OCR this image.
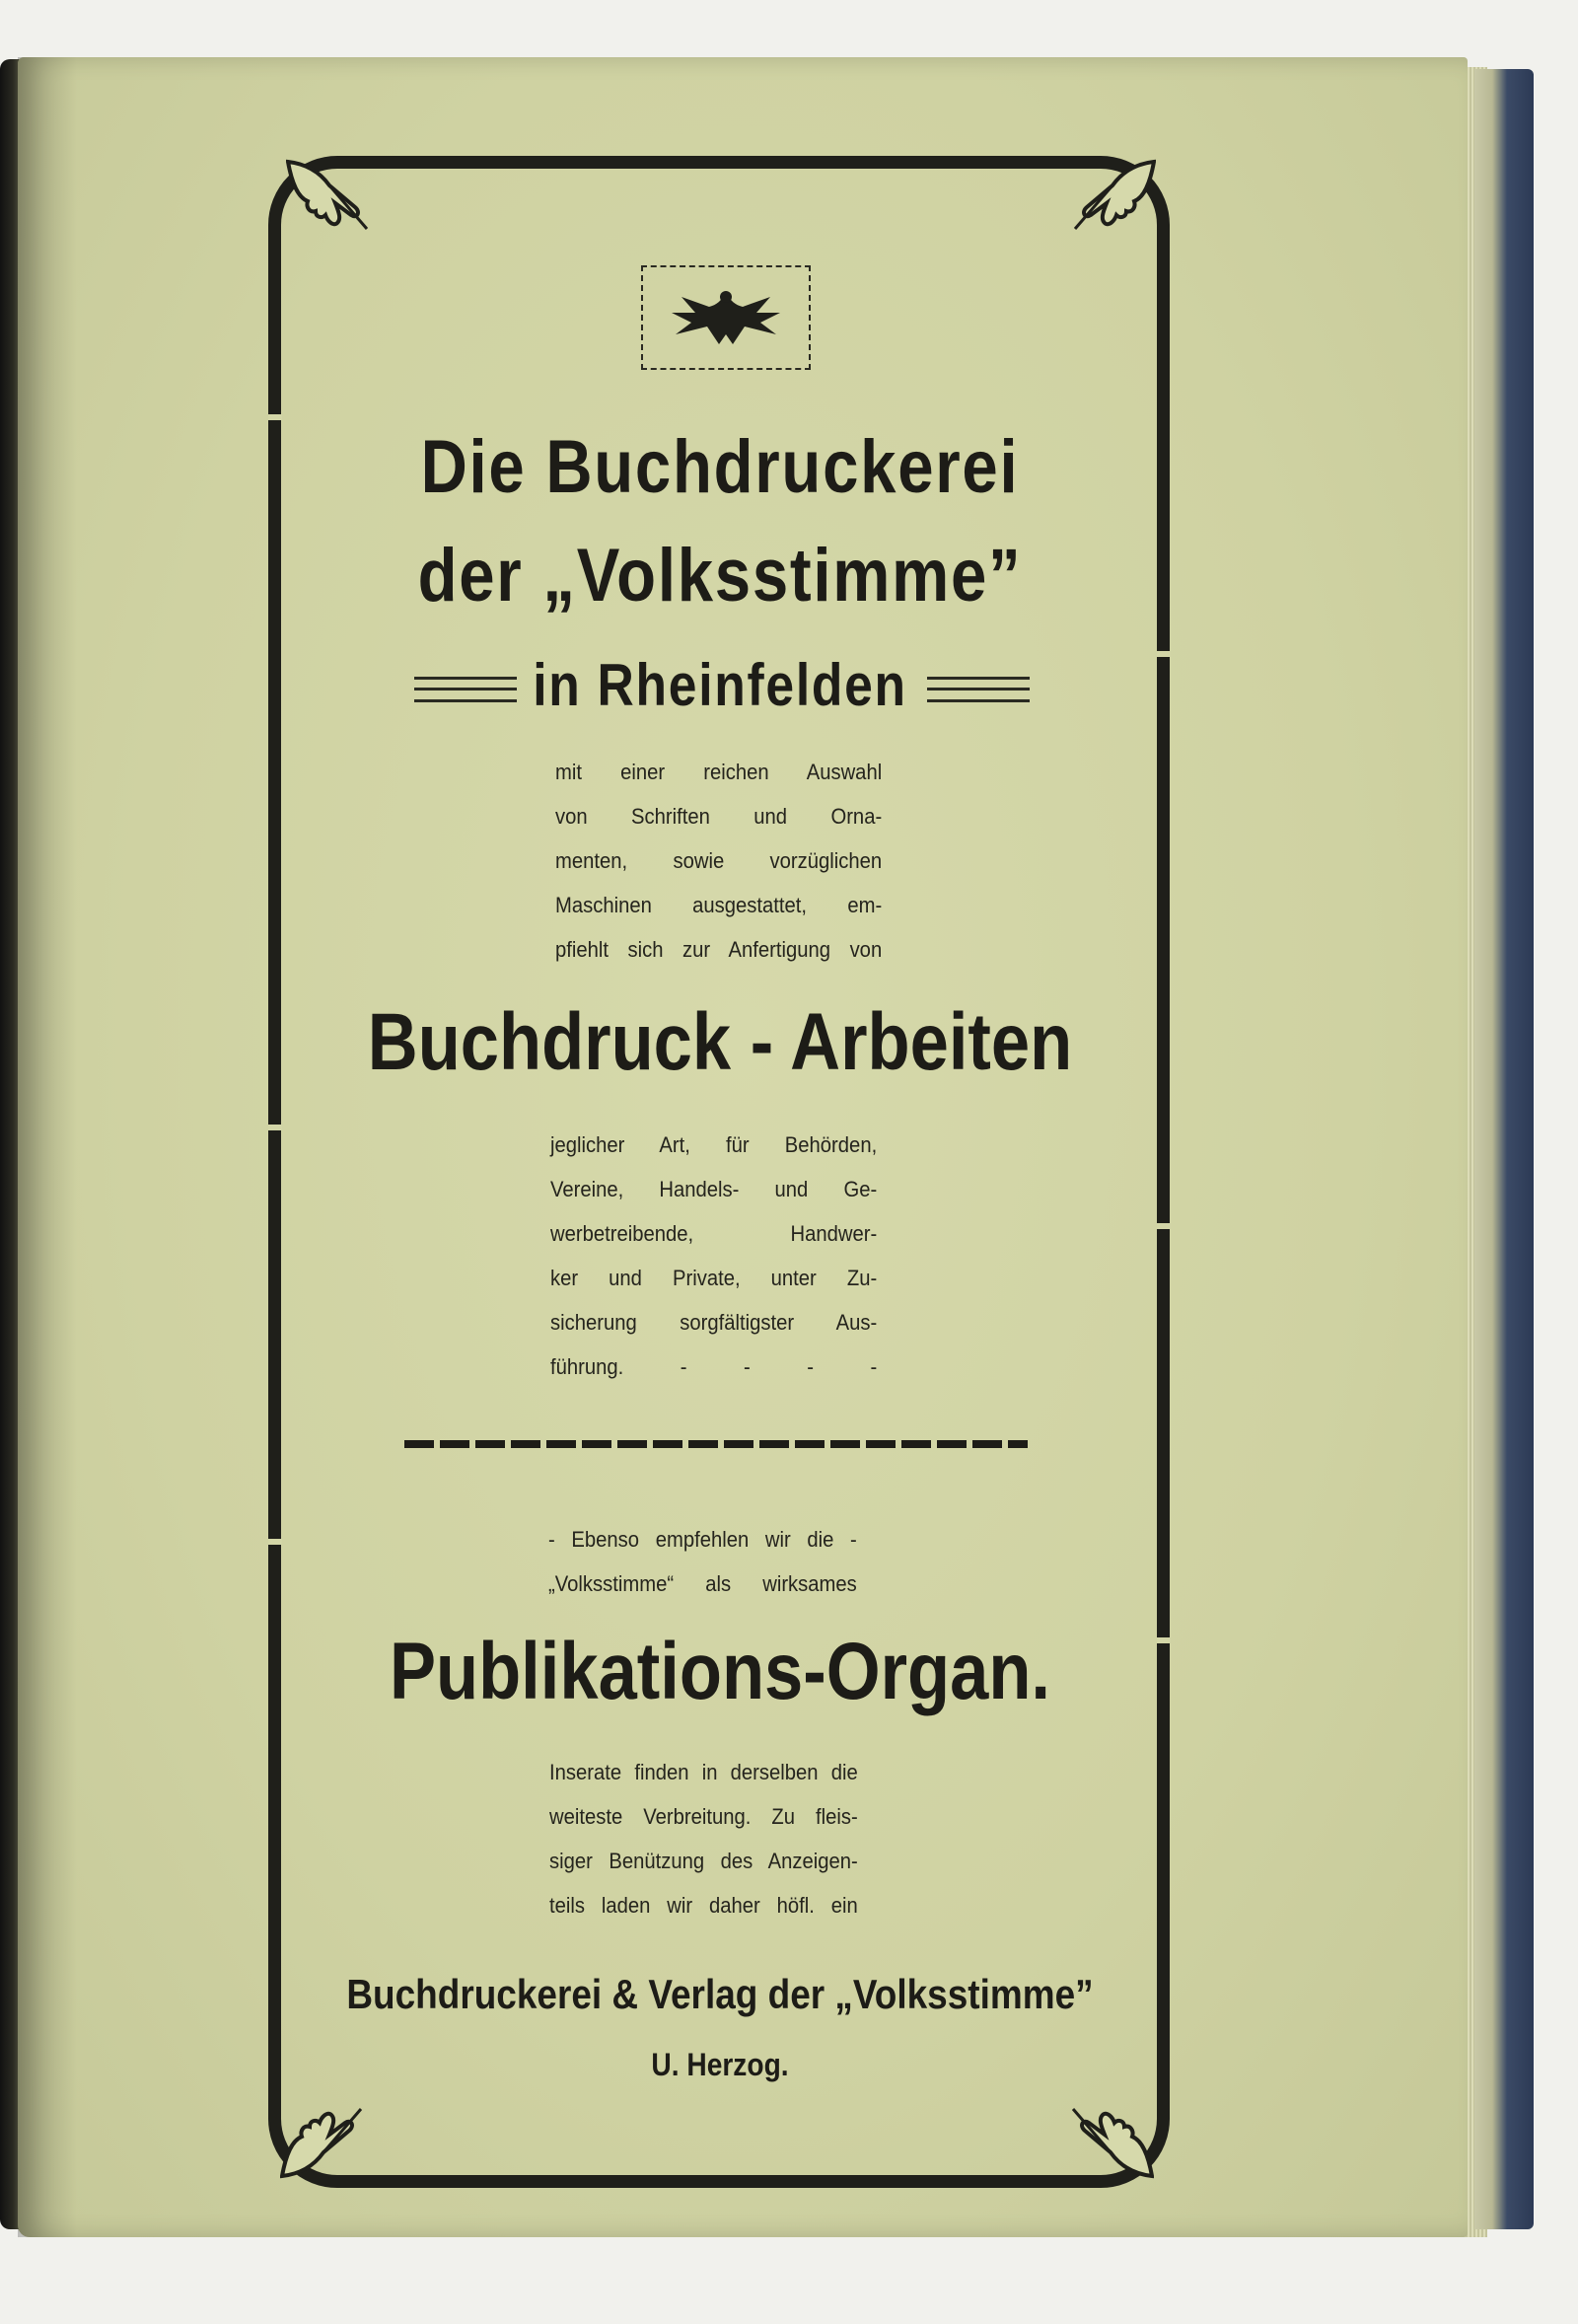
Die Buchdruckerei
der „Volksstimme”
in Rheinfelden
mit einer reichen Auswahl
von Schriften und Orna-
menten, sowie vorzüglichen
Maschinen ausgestattet, em-
pfiehlt sich zur Anfertigung von
Buchdruck - Arbeiten
jeglicher Art, für Behörden,
Vereine, Handels- und Ge-
werbetreibende, Handwer-
ker und Private, unter Zu-
sicherung sorgfältigster Aus-
führung. - - - -
- Ebenso empfehlen wir die -
„Volksstimme“ als wirksames
Publikations-Organ.
Inserate finden in derselben die
weiteste Verbreitung. Zu fleis-
siger Benützung des Anzeigen-
teils laden wir daher höfl. ein
Buchdruckerei & Verlag der „Volksstimme”
U. Herzog.
